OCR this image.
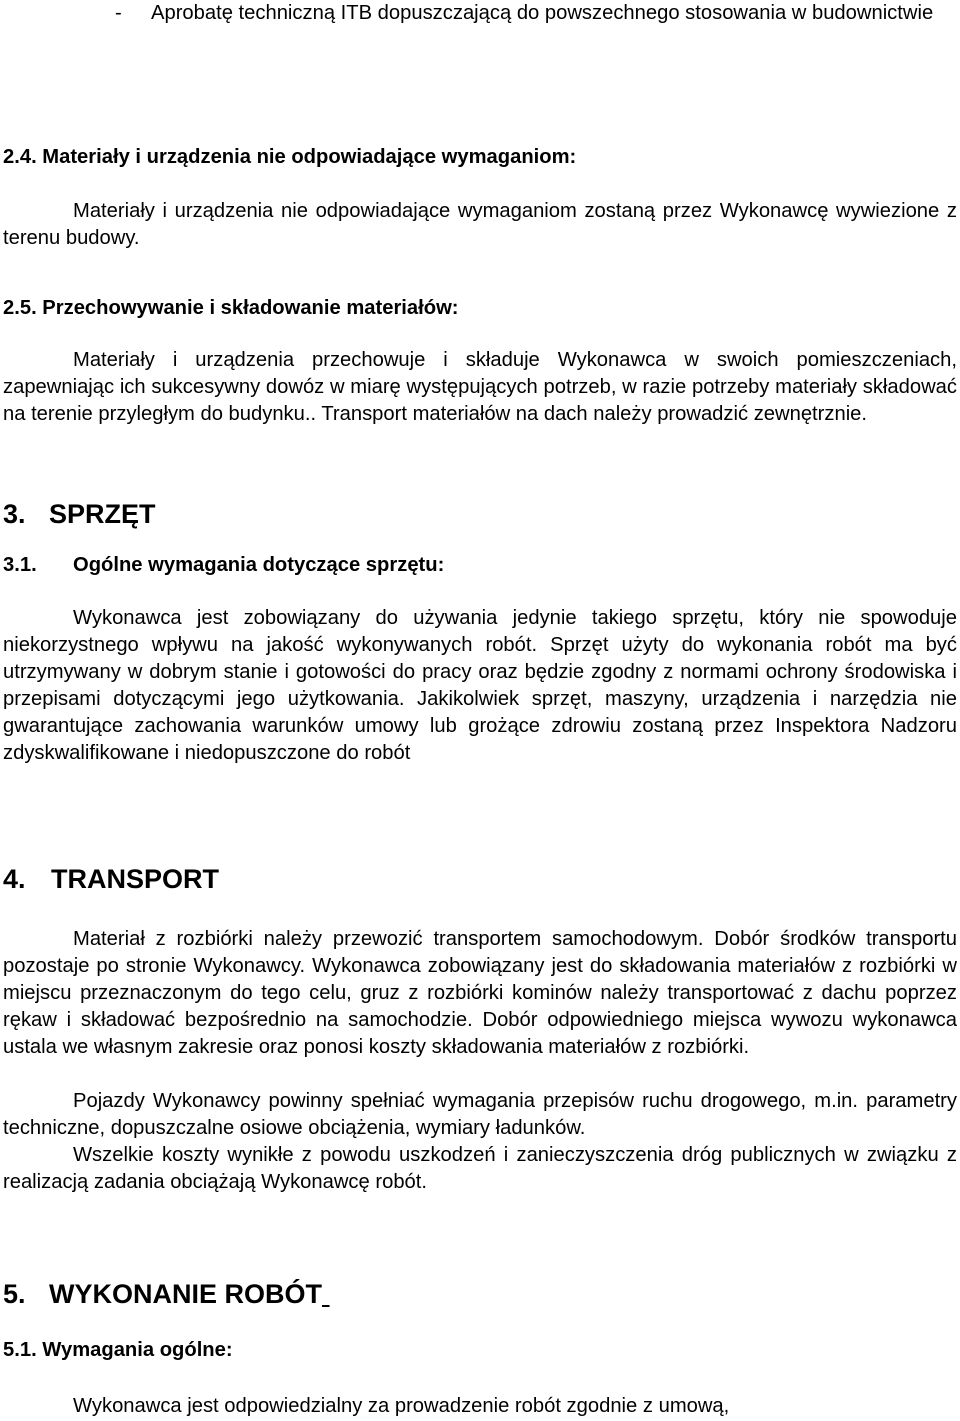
- Aprobatę techniczną ITB dopuszczającą do powszechnego stosowania w budownictwie
2.4. Materiały i urządzenia nie odpowiadające wymaganiom:
Materiały i urządzenia nie odpowiadające wymaganiom zostaną przez Wykonawcę wywiezione z terenu budowy.
2.5. Przechowywanie i składowanie materiałów:
Materiały i urządzenia przechowuje i składuje Wykonawca w swoich pomieszczeniach, zapewniając ich sukcesywny dowóz w miarę występujących potrzeb, w razie potrzeby materiały składować na terenie przyległym do budynku.. Transport materiałów na dach należy prowadzić zewnętrznie.
3. SPRZĘT
3.1. Ogólne wymagania dotyczące sprzętu:
Wykonawca jest zobowiązany do używania jedynie takiego sprzętu, który nie spowoduje niekorzystnego wpływu na jakość wykonywanych robót. Sprzęt użyty do wykonania robót ma być utrzymywany w dobrym stanie i gotowości do pracy oraz będzie zgodny z normami ochrony środowiska i przepisami dotyczącymi jego użytkowania. Jakikolwiek sprzęt, maszyny, urządzenia i narzędzia nie gwarantujące zachowania warunków umowy lub grożące zdrowiu zostaną przez Inspektora Nadzoru zdyskwalifikowane i niedopuszczone do robót
4. TRANSPORT
Materiał z rozbiórki należy przewozić transportem samochodowym. Dobór środków transportu pozostaje po stronie Wykonawcy. Wykonawca zobowiązany jest do składowania materiałów z rozbiórki w miejscu przeznaczonym do tego celu, gruz z rozbiórki kominów należy transportować z dachu poprzez rękaw i składować bezpośrednio na samochodzie. Dobór odpowiedniego miejsca wywozu wykonawca ustala we własnym zakresie oraz ponosi koszty składowania materiałów z rozbiórki.
Pojazdy Wykonawcy powinny spełniać wymagania przepisów ruchu drogowego, m.in. parametry techniczne, dopuszczalne osiowe obciążenia, wymiary ładunków.
Wszelkie koszty wynikłe z powodu uszkodzeń i zanieczyszczenia dróg publicznych w związku z realizacją zadania obciążają Wykonawcę robót.
5. WYKONANIE ROBÓT
5.1. Wymagania ogólne:
Wykonawca jest odpowiedzialny za prowadzenie robót zgodnie z umową,
